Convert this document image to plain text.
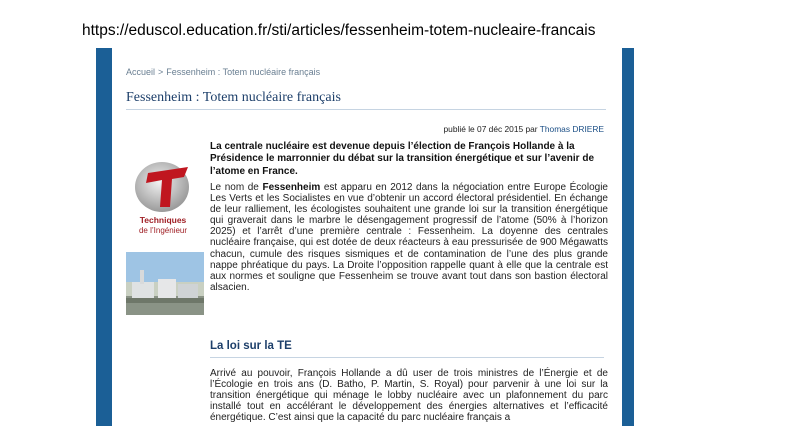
https://eduscol.education.fr/sti/articles/fessenheim-totem-nucleaire-francais
Accueil > Fessenheim : Totem nucléaire français
Fessenheim : Totem nucléaire français
publié le 07 déc 2015 par Thomas DRIERE
Techniques
de l’Ingénieur
La centrale nucléaire est devenue depuis l’élection de François Hollande à la Présidence le marronnier du débat sur la transition énergétique et sur l’avenir de l’atome en France.
Le nom de Fessenheim est apparu en 2012 dans la négociation entre Europe Écologie Les Verts et les Socialistes en vue d’obtenir un accord électoral présidentiel. En échange de leur ralliement, les écologistes souhaitent une grande loi sur la transition énergétique qui graverait dans le marbre le désengagement progressif de l’atome (50% à l’horizon 2025) et l’arrêt d’une première centrale : Fessenheim. La doyenne des centrales nucléaire française, qui est dotée de deux réacteurs à eau pressurisée de 900 Mégawatts chacun, cumule des risques sismiques et de contamination de l’une des plus grande nappe phréatique du pays. La Droite l’opposition rappelle quant à elle que la centrale est aux normes et souligne que Fessenheim se trouve avant tout dans son bastion électoral alsacien.
La loi sur la TE
Arrivé au pouvoir, François Hollande a dû user de trois ministres de l’Énergie et de l’Écologie en trois ans (D. Batho, P. Martin, S. Royal) pour parvenir à une loi sur la transition énergétique qui ménage le lobby nucléaire avec un plafonnement du parc installé tout en accélérant le développement des énergies alternatives et l’efficacité énergétique. C’est ainsi que la capacité du parc nucléaire français a
